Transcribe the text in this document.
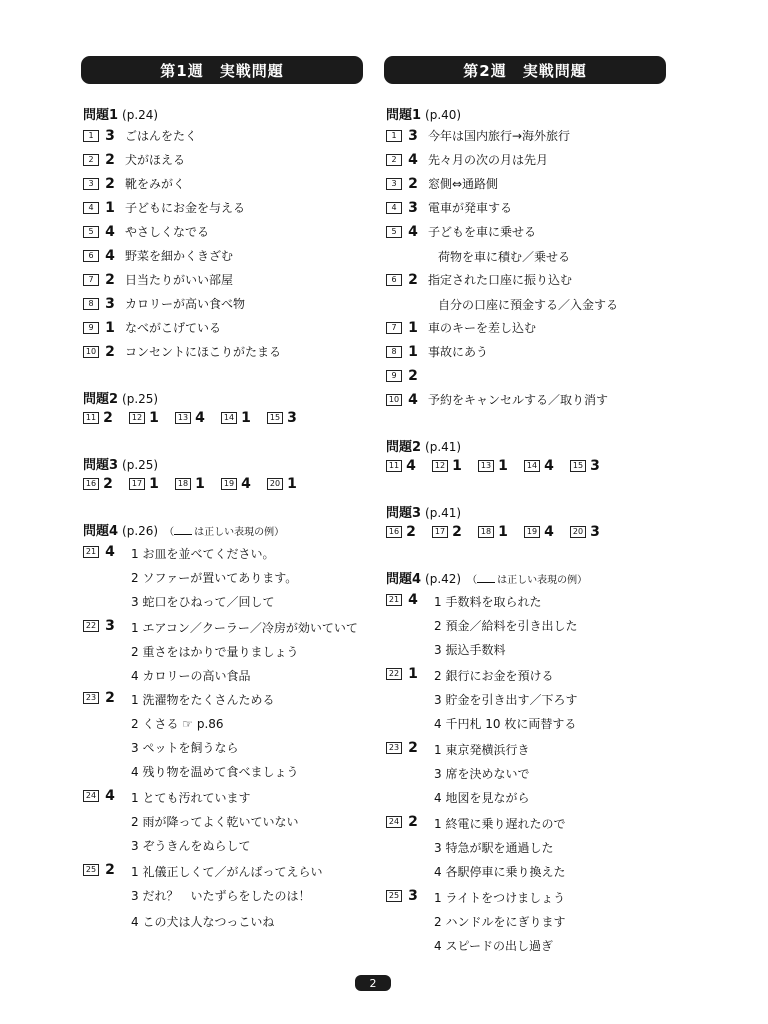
第1週　実戦問題
問題1 (p.24)
1 3 ごはんをたく
2 2 犬がほえる
3 2 靴をみがく
4 1 子どもにお金を与える
5 4 やさしくなでる
6 4 野菜を細かくきざむ
7 2 日当たりがいい部屋
8 3 カロリーが高い食べ物
9 1 なべがこげている
10 2 コンセントにほこりがたまる
問題2 (p.25)
11 2	12 1	13 4	14 1	15 3
問題3 (p.25)
16 2	17 1	18 1	19 4	20 1
問題4 (p.26) （ は正しい表現の例）
21 4	1 お皿を並べてください。
2 ソファーが置いてあります。
3 蛇口をひねって／回して
22 3	1 エアコン／クーラー／冷房が効いていて
2 重さをはかりで量りましょう
4 カロリーの高い食品
23 2	1 洗濯物をたくさんためる
2 くさる ☞ p.86
3 ペットを飼うなら
4 残り物を温めて食べましょう
24 4	1 とても汚れています
2 雨が降ってよく乾いていない
3 ぞうきんをぬらして
25 2	1 礼儀正しくて／がんばってえらい
3 だれ？　いたずらをしたのは！
4 この犬は人なつっこいね
第2週　実戦問題
問題1 (p.40)
1 3 今年は国内旅行→海外旅行
2 4 先々月の次の月は先月
3 2 窓側⇔通路側
4 3 電車が発車する
5 4 子どもを車に乗せる
荷物を車に積む／乗せる
6 2 指定された口座に振り込む
自分の口座に預金する／入金する
7 1 車のキーを差し込む
8 1 事故にあう
9 2
10 4 予約をキャンセルする／取り消す
問題2 (p.41)
11 4	12 1	13 1	14 4	15 3
問題3 (p.41)
16 2	17 2	18 1	19 4	20 3
問題4 (p.42) （ は正しい表現の例）
21 4	1 手数料を取られた
2 預金／給料を引き出した
3 振込手数料
22 1	2 銀行にお金を預ける
3 貯金を引き出す／下ろす
4 千円札 10 枚に両替する
23 2	1 東京発横浜行き
3 席を決めないで
4 地図を見ながら
24 2	1 終電に乗り遅れたので
3 特急が駅を通過した
4 各駅停車に乗り換えた
25 3	1 ライトをつけましょう
2 ハンドルをにぎります
4 スピードの出し過ぎ
2
